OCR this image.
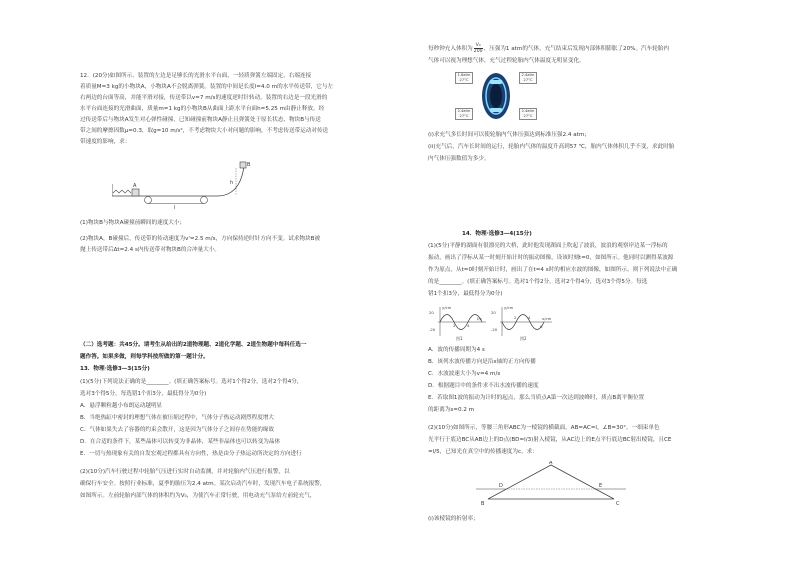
12．(20分)如图所示，装置的左边是足够长的光滑水平台面，一轻质弹簧左端固定，右端连接
着质量M=3 kg的小物块A，小物块A不会脱离弹簧。装置的中间是长度l=4.0 m的水平传送带，它与左
右两边的台面等高，并能平滑对接，传送带以v=7 m/s的速度逆时针转动。装置的右边是一段光滑的
水平台面连接的光滑曲面，质量m=1 kg的小物块B从曲面上距水平台面h=5.25 m由静止释放。经
过传送带后与物块A发生对心弹性碰撞，已知碰撞前物块A静止且弹簧处于原长状态，物块B与传送
带之间的摩擦因数μ=0.3，取g=10 m/s²，不考虑物块大小对问题的影响，不考虑传送带运动对传送
带速度的影响，求：
A
l
B
h
(1)物块B与物块A碰撞前瞬间的速度大小；
(2)物块A，B碰撞后，传送带的传动速度为v'=2.5 m/s，方向保持逆时针方向不变。试求物块B被
抛上传送带后Δt=2.4 s内传送带对物块B的合冲量大小。
（二）选考题：共45分。请考生从给出的2道物理题、2道化学题、2道生物题中每科任选一
题作答。如果多做，则每学科按所做的第一题计分。
13．物理·选修3—3(15分)
(1)(5分)下列说法正确的是________。(填正确答案标号。选对1个得2分，选对2个得4分，
选对3个得5分。每选错1个扣3分，最低得分为0分)
A．悬浮颗粒越小布朗运动越明显
B．当绝热缸中密封的理想气体在被压缩过程中，气体分子热运动剧烈程度增大
C．气体如果失去了容器的约束会散开，这是因为气体分子之间存在势能的缘故
D．在合适的条件下，某些晶体可以转变为非晶体，某些非晶体也可以转变为晶体
E．一切与热现象有关的自发宏观过程都具有方向性，热是由分子热运动所决定的方向进行
(2)(10分)汽车行驶过程中轮胎气压进行实时自动监测，并对轮胎内气压进行报警，以
确保行车安全。按照行业标准，夏季的胎压为2.4 atm。某次启动汽车时，发现汽车电子系统报警，
如图所示。左前轮胎内部气体的体积约为V₀，为使汽车正常行驶，用电动充气泵给左前轮充气，
每秒钟充入体积为 $\frac{\text{V₀}}{200}$ 、压强为1 atm的气体，充气结束后发现内部体积膨胀了20%。汽车轮胎内
气体可以视为理想气体，充气过程轮胎内气体温度无明显变化。
1.6atm
27°C
2.4atm
27°C
2.4atm
27°C
2.4atm
27°C
(i)求充气多长时间可以使轮胎内气体压强达到标准压强2.4 atm；
(ii)充气后，汽车长时间的运行，轮胎内气体的温度升高到57 ℃，胎内气体体积几乎不变，求此时胎
内气体压强数值为多少。
14．物理·选修3—4(15分)
(1)(5分)平静的湖面有很漂亮的大桥，此时他发现湖面上吹起了波浪，波浪的观察岸边某一浮标的
振动，画出了浮标从某一时刻开始计时的振动图像，设该时刻t=0，如图所示。他同时以测得某波源
作为原点，从t=0时刻开始计时，画出了在t=4 s时的相应水波的图像，如图所示。则下列说法中正确
的是________。(填正确答案标号。选对1个得2分，选对2个得4分，选对3个得5分。每选
错1个扣3分，最低得分为0分)
y/cm
t/s
20
-20
2	4
图1
y/cm
x/cm
20
-20
2	4
6
图2
A．波的传播周期为4 s
B．该列水波传播方向是沿x轴的正方向传播
C．水波波速大小为v=4 m/s
D．根据题目中的条件求不出水波传播的速度
E．若取图1波的振动为计时的起点，那么当质点A第一次达到波峰时，质点B离平衡位置
的距离为s=0.2 m
(2)(10分)如图所示，等腰三角形ABC为一棱镜的横截面，AB=AC=l，∠B=30°。一细束单色
光平行于底边BC从AB边上的D点(BD=l/3)射入棱镜，从AC边上的E点平行底边BC射出棱镜，且CE
=l/5，已知光在真空中的传播速度为c。求：
A
B	C
D	E
(i)该棱镜的折射率；
